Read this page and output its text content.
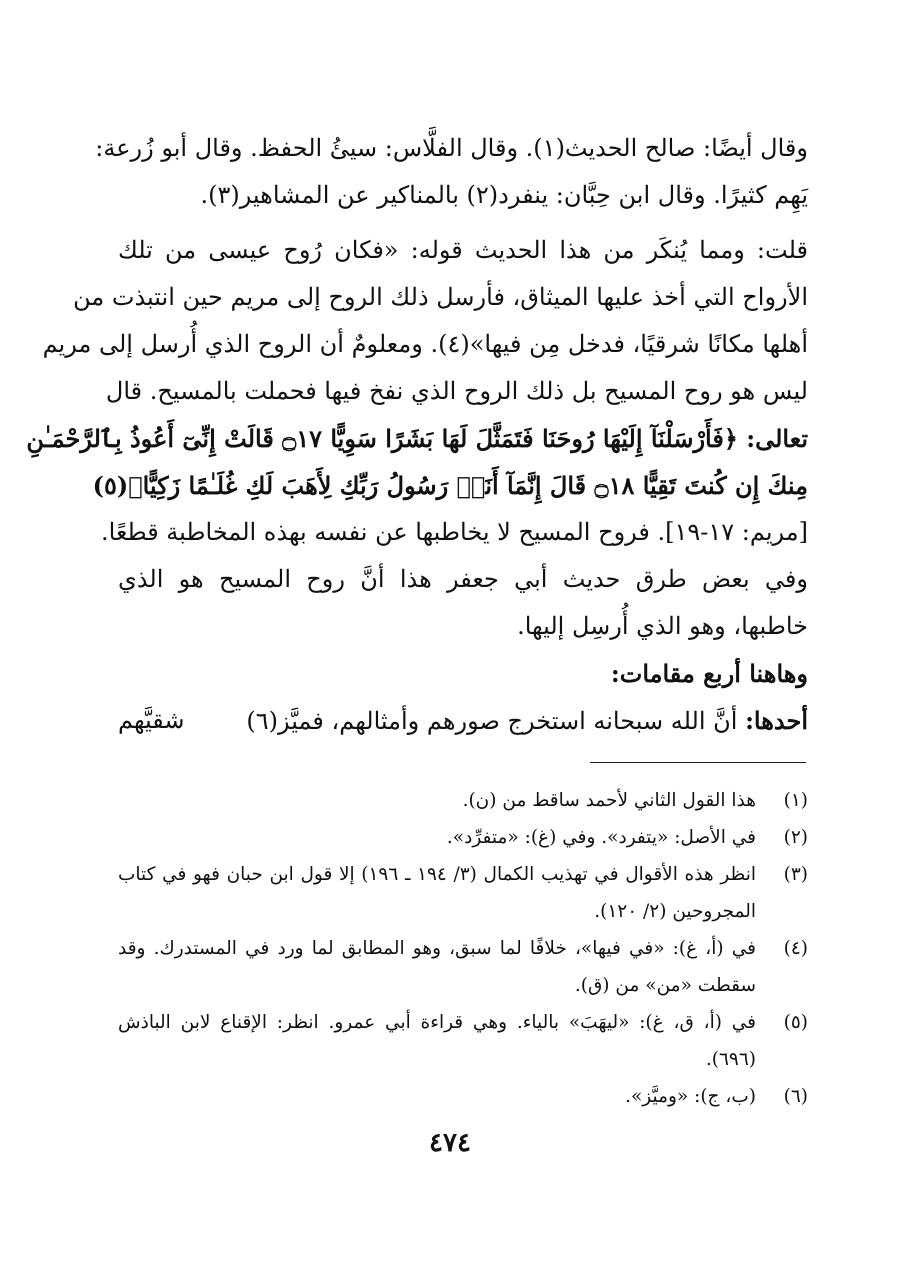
وقال أيضًا: صالح الحديث(١). وقال الفلَّاس: سيئُ الحفظ. وقال أبو زُرعة:
يَهِم كثيرًا. وقال ابن حِبَّان: ينفرد(٢) بالمناكير عن المشاهير(٣).
قلت: ومما يُنكَر من هذا الحديث قوله: «فكان رُوح عيسى من تلك
الأرواح التي أخذ عليها الميثاق، فأرسل ذلك الروح إلى مريم حين انتبذت من
أهلها مكانًا شرقيًا، فدخل مِن فيها»(٤). ومعلومٌ أن الروح الذي أُرسل إلى مريم
ليس هو روح المسيح بل ذلك الروح الذي نفخ فيها فحملت بالمسيح. قال
تعالى: ﴿فَأَرْسَلْنَآ إِلَيْهَا رُوحَنَا فَتَمَثَّلَ لَهَا بَشَرًا سَوِيًّا ۝١٧ قَالَتْ إِنِّىٓ أَعُوذُ بِٱلرَّحْمَـٰنِ
مِنكَ إِن كُنتَ تَقِيًّا ۝١٨ قَالَ إِنَّمَآ أَنَا۠ رَسُولُ رَبِّكِ لِأَهَبَ لَكِ غُلَـٰمًا زَكِيًّا﴾(٥)
[مريم: ١٧-١٩]. فروح المسيح لا يخاطبها عن نفسه بهذه المخاطبة قطعًا.
وفي بعض طرق حديث أبي جعفر هذا أنَّ روح المسيح هو الذي
خاطبها، وهو الذي أُرسِل إليها.
وهاهنا أربع مقامات:
أحدها: أنَّ الله سبحانه استخرج صورهم وأمثالهم، فميَّز(٦)
شقيَّهم
(١)
هذا القول الثاني لأحمد ساقط من (ن).
(٢)
في الأصل: «يتفرد». وفي (غ): «متفرِّد».
(٣)
انظر هذه الأقوال في تهذيب الكمال (٣/ ١٩٤ ـ ١٩٦) إلا قول ابن حبان فهو في كتاب المجروحين (٢/ ١٢٠).
(٤)
في (أ، غ): «في فيها»، خلافًا لما سبق، وهو المطابق لما ورد في المستدرك. وقد سقطت «من» من (ق).
(٥)
في (أ، ق، غ): «ليهَبَ» بالياء. وهي قراءة أبي عمرو. انظر: الإقناع لابن الباذش (٦٩٦).
(٦)
(ب، ج): «وميَّز».
٤٧٤
